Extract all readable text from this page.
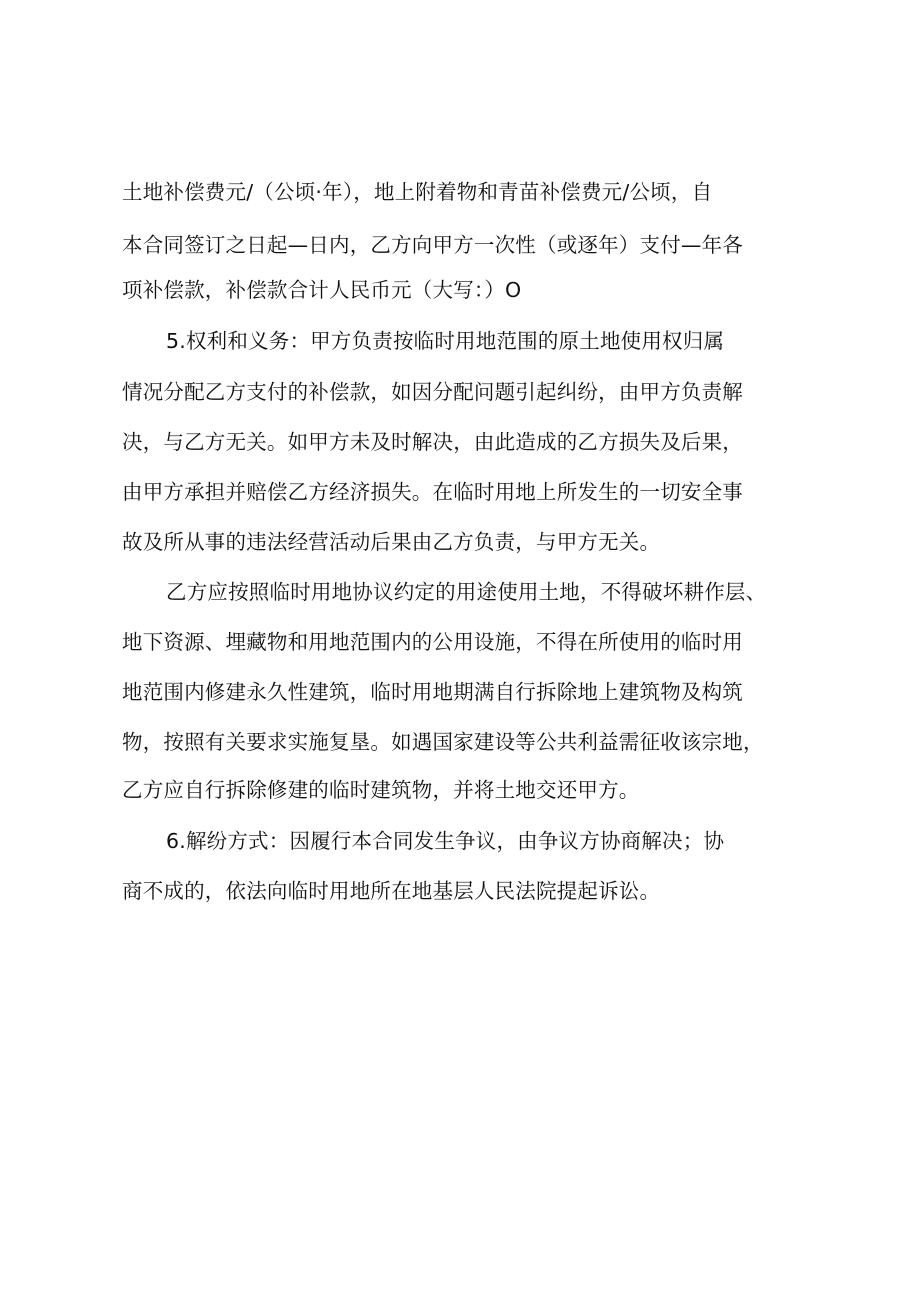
土地补偿费元/（公顷·年），地上附着物和青苗补偿费元/公顷，自
本合同签订之日起—日内，乙方向甲方一次性（或逐年）支付—年各
项补偿款，补偿款合计人民币元（大写：）O
5.权利和义务：甲方负责按临时用地范围的原土地使用权归属
情况分配乙方支付的补偿款，如因分配问题引起纠纷，由甲方负责解
决，与乙方无关。如甲方未及时解决，由此造成的乙方损失及后果，
由甲方承担并赔偿乙方经济损失。在临时用地上所发生的一切安全事
故及所从事的违法经营活动后果由乙方负责，与甲方无关。
乙方应按照临时用地协议约定的用途使用土地，不得破坏耕作层、
地下资源、埋藏物和用地范围内的公用设施，不得在所使用的临时用
地范围内修建永久性建筑，临时用地期满自行拆除地上建筑物及构筑
物，按照有关要求实施复垦。如遇国家建设等公共利益需征收该宗地，
乙方应自行拆除修建的临时建筑物，并将土地交还甲方。
6.解纷方式：因履行本合同发生争议，由争议方协商解决；协
商不成的，依法向临时用地所在地基层人民法院提起诉讼。
